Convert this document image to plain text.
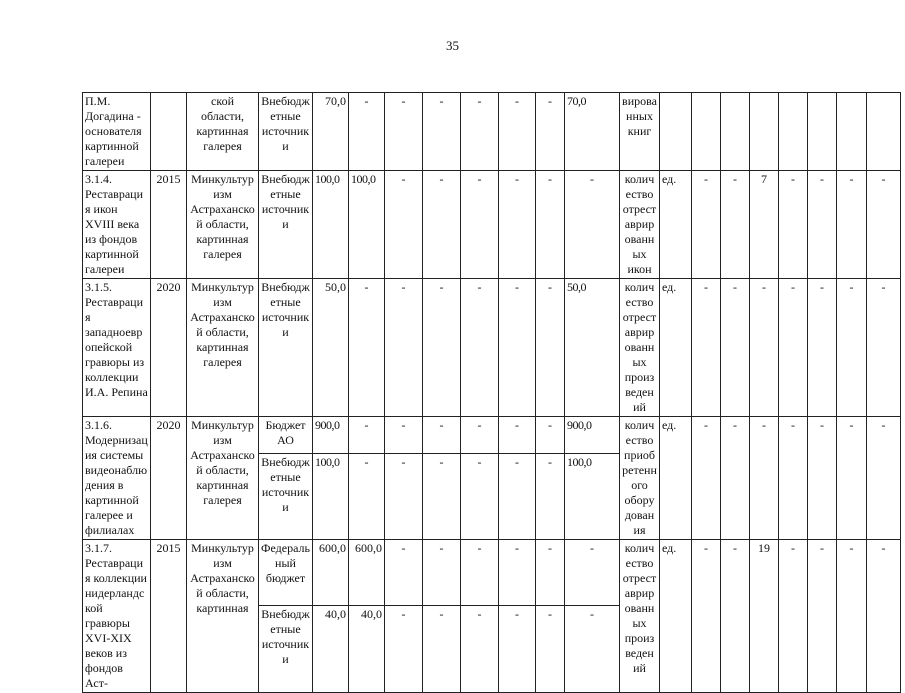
35
П.М. Догадина - основателя картинной галереи		ской области, картинная галерея	Внебюджетные источники	70,0	-	-	-	-	-	-	70,0	вированных книг									
3.1.4. Реставрация икон XVIII века из фондов картинной галереи	2015	Минкультуризм Астраханской области, картинная галерея	Внебюджетные источники	100,0	100,0	-	-	-	-	-	-	количество отреставрированных икон	ед.	-	-	7	-	-	-	-	
3.1.5. Реставрация западноевропейской гравюры из коллекции И.А. Репина	2020	Минкультуризм Астраханской области, картинная галерея	Внебюджетные источники	50,0	-	-	-	-	-	-	50,0	количество отреставрированных произведений	ед.	-	-	-	-	-	-	-	
3.1.6. Модернизация системы видеонаблюдения в картинной галерее и филиалах	2020	Минкультуризм Астраханской области, картинная галерея	Бюджет АО	900,0	-	-	-	-	-	-	900,0	количество приобретенного оборудования	ед.	-	-	-	-	-	-	-	
			Внебюджетные источники	100,0	-	-	-	-	-	-	100,0										
3.1.7. Реставрация коллекции нидерландской гравюры XVI-XIX веков из фондов Аст-	2015	Минкультуризм Астраханской области, картинная	Федеральный бюджет	600,0	600,0	-	-	-	-	-	-	количество отреставрированных произведений	ед.	-	-	19	-	-	-	-	
			Внебюджетные источники	40,0	40,0	-	-	-	-	-	-										
